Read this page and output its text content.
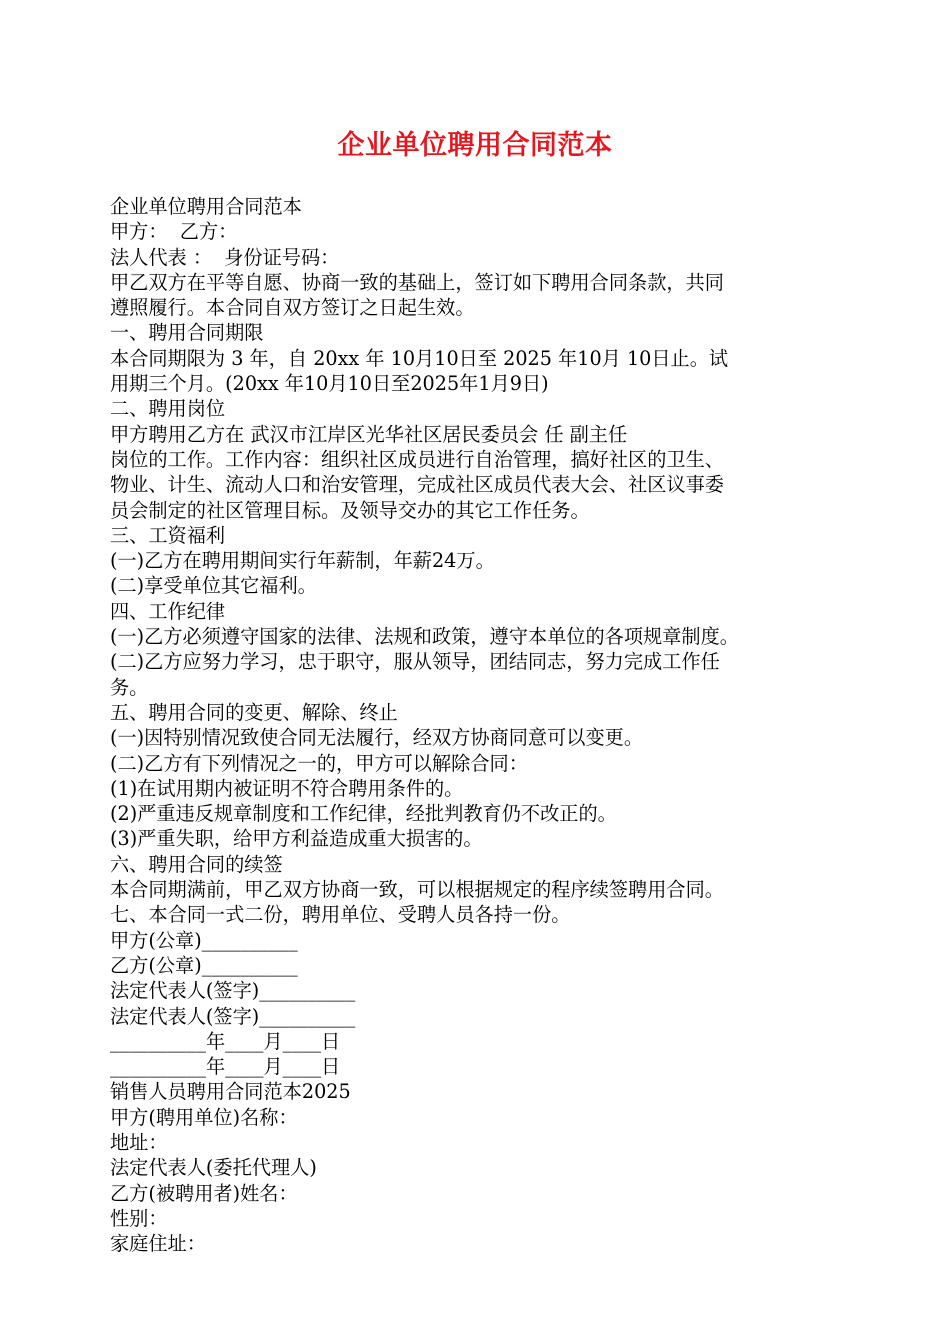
企业单位聘用合同范本
企业单位聘用合同范本
甲方：  乙方：
法人代表 ：  身份证号码：
甲乙双方在平等自愿、协商一致的基础上，签订如下聘用合同条款，共同
遵照履行。本合同自双方签订之日起生效。
一、聘用合同期限
本合同期限为 3 年，自 20xx 年 10月10日至 2025 年10月 10日止。试
用期三个月。(20xx 年10月10日至2025年1月9日)
二、聘用岗位
甲方聘用乙方在 武汉市江岸区光华社区居民委员会 任 副主任
岗位的工作。工作内容：组织社区成员进行自治管理，搞好社区的卫生、
物业、计生、流动人口和治安管理，完成社区成员代表大会、社区议事委
员会制定的社区管理目标。及领导交办的其它工作任务。
三、工资福利
(一)乙方在聘用期间实行年薪制，年薪24万。
(二)享受单位其它福利。
四、工作纪律
(一)乙方必须遵守国家的法律、法规和政策，遵守本单位的各项规章制度。
(二)乙方应努力学习，忠于职守，服从领导，团结同志，努力完成工作任
务。
五、聘用合同的变更、解除、终止
(一)因特别情况致使合同无法履行，经双方协商同意可以变更。
(二)乙方有下列情况之一的，甲方可以解除合同：
(1)在试用期内被证明不符合聘用条件的。
(2)严重违反规章制度和工作纪律，经批判教育仍不改正的。
(3)严重失职，给甲方利益造成重大损害的。
六、聘用合同的续签
本合同期满前，甲乙双方协商一致，可以根据规定的程序续签聘用合同。
七、本合同一式二份，聘用单位、受聘人员各持一份。
甲方(公章)__________
乙方(公章)__________
法定代表人(签字)__________
法定代表人(签字)__________
__________年____月____日
__________年____月____日
销售人员聘用合同范本2025
甲方(聘用单位)名称：
地址：
法定代表人(委托代理人)
乙方(被聘用者)姓名：
性别：
家庭住址：
